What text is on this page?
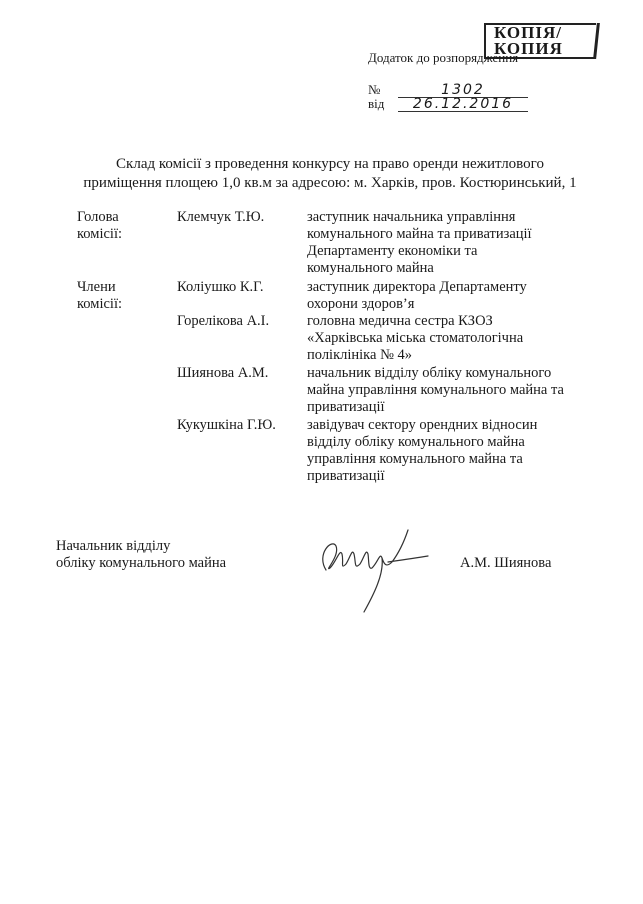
КОПІЯ/
КОПИЯ
Додаток до розпорядження
№	1302
від 26.12.2016
Склад комісії з проведення конкурсу на право оренди нежитлового
приміщення площею 1,0 кв.м за адресою: м. Харків, пров. Костюринський, 1
Голова
комісії:
Клемчук Т.Ю.	заступник начальника управління
комунального майна та приватизації
Департаменту економіки та
комунального майна
Члени
комісії:
Коліушко К.Г.	заступник директора Департаменту
охорони здоров’я
Горелікова А.І.	головна медична сестра КЗОЗ
«Харківська міська стоматологічна
поліклініка № 4»
Шиянова А.М.	начальник відділу обліку комунального
майна управління комунального майна та
приватизації
Кукушкіна Г.Ю.	завідувач сектору орендних відносин
відділу обліку комунального майна
управління комунального майна та
приватизації
Начальник відділу
обліку комунального майна	А.М. Шиянова
